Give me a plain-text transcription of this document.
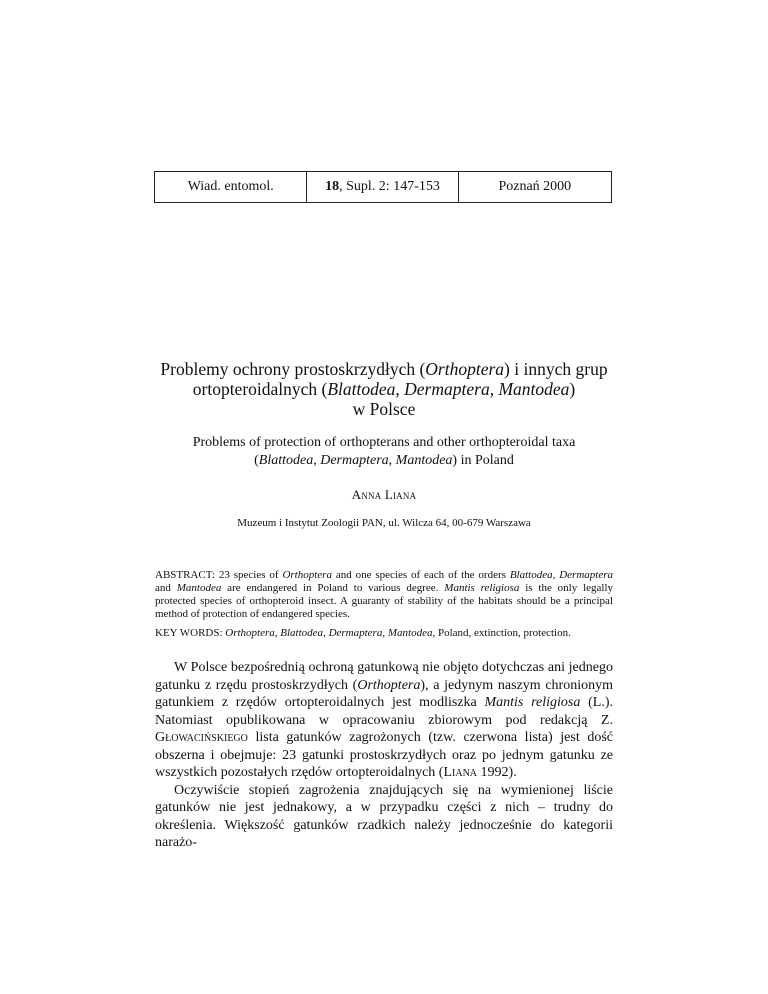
Wiad. entomol.	18 , Supl. 2: 147-153	Poznań 2000
Problemy ochrony prostoskrzydłych (Orthoptera) i innych grup
ortopteroidalnych (Blattodea, Dermaptera, Mantodea)
w Polsce
Problems of protection of orthopterans and other orthopteroidal taxa
(Blattodea, Dermaptera, Mantodea) in Poland
Anna Liana
Muzeum i Instytut Zoologii PAN, ul. Wilcza 64, 00-679 Warszawa
ABSTRACT: 23 species of Orthoptera and one species of each of the orders Blattodea, Dermaptera and Mantodea are endangered in Poland to various degree. Mantis religiosa is the only legally protected species of orthopteroid insect. A guaranty of stability of the habitats should be a principal method of protection of endangered species.
KEY WORDS: Orthoptera, Blattodea, Dermaptera, Mantodea, Poland, extinction, protection.

W Polsce bezpośrednią ochroną gatunkową nie objęto dotychczas ani jednego gatunku z rzędu prostoskrzydłych (Orthoptera), a jedynym naszym chronionym gatunkiem z rzędów ortopteroidalnych jest modliszka Mantis religiosa (L.). Natomiast opublikowana w opracowaniu zbiorowym pod redakcją Z. Głowacińskiego lista gatunków zagrożonych (tzw. czerwona lista) jest dość obszerna i obejmuje: 23 gatunki prostoskrzydłych oraz po jednym gatunku ze wszystkich pozostałych rzędów ortopteroidalnych (Liana 1992).

Oczywiście stopień zagrożenia znajdujących się na wymienionej liście gatunków nie jest jednakowy, a w przypadku części z nich – trudny do określenia. Większość gatunków rzadkich należy jednocześnie do kategorii narażo-
